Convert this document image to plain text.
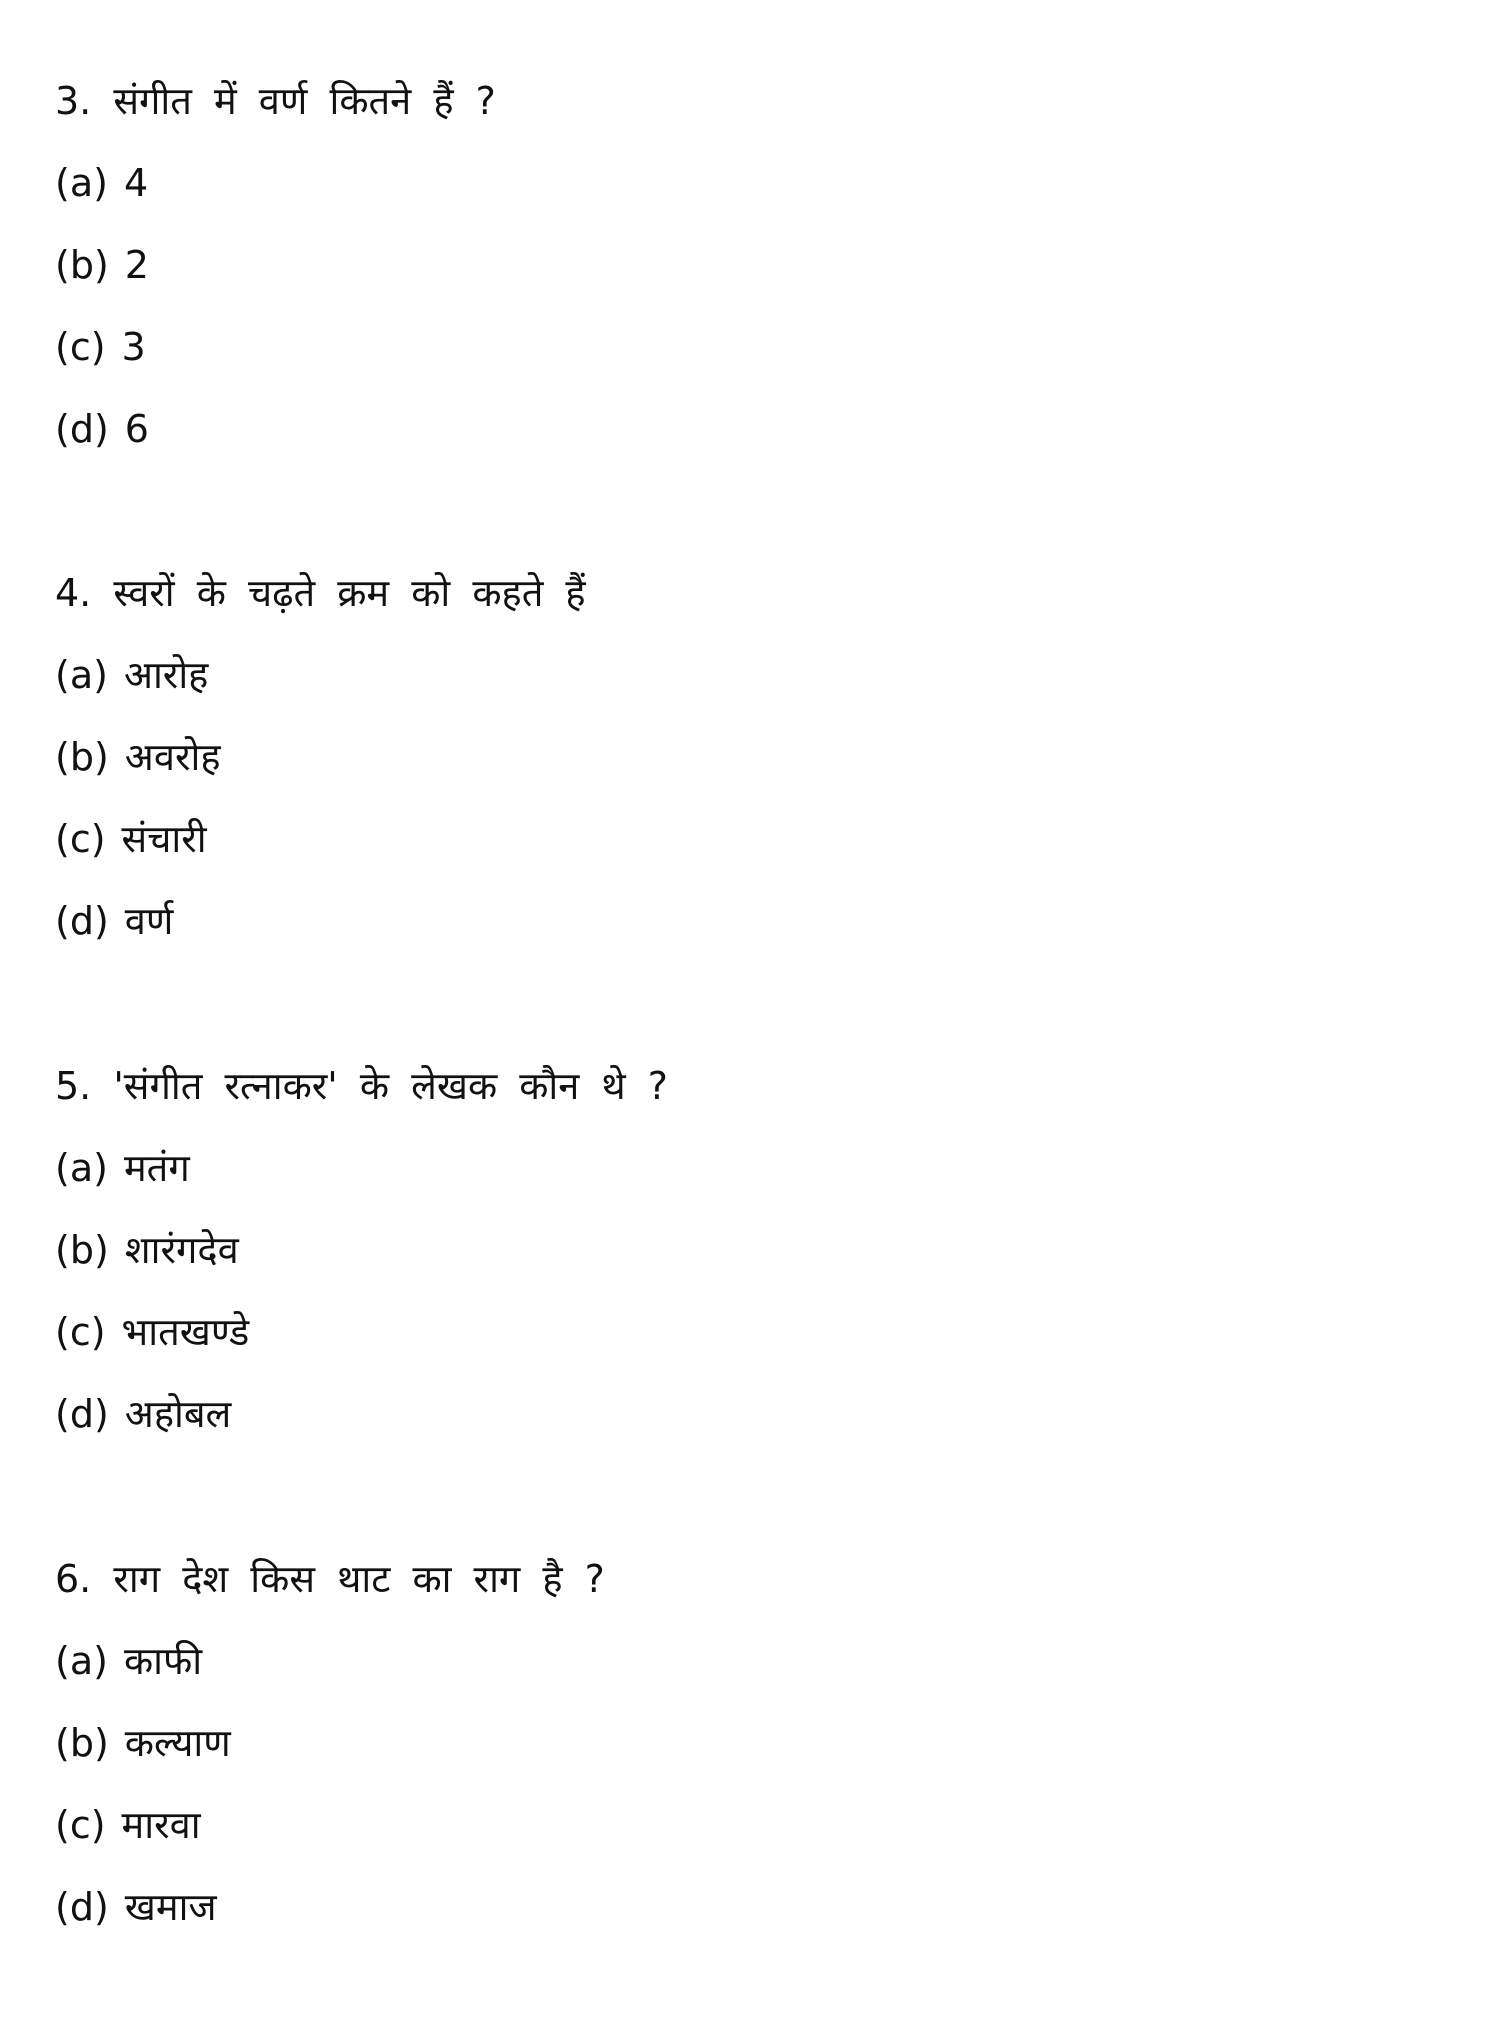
3. संगीत में वर्ण कितने हैं ?
(a) 4
(b) 2
(c) 3
(d) 6
4. स्वरों के चढ़ते क्रम को कहते हैं
(a) आरोह
(b) अवरोह
(c) संचारी
(d) वर्ण
5. 'संगीत रत्नाकर' के लेखक कौन थे ?
(a) मतंग
(b) शारंगदेव
(c) भातखण्डे
(d) अहोबल
6. राग देश किस थाट का राग है ?
(a) काफी
(b) कल्याण
(c) मारवा
(d) खमाज
